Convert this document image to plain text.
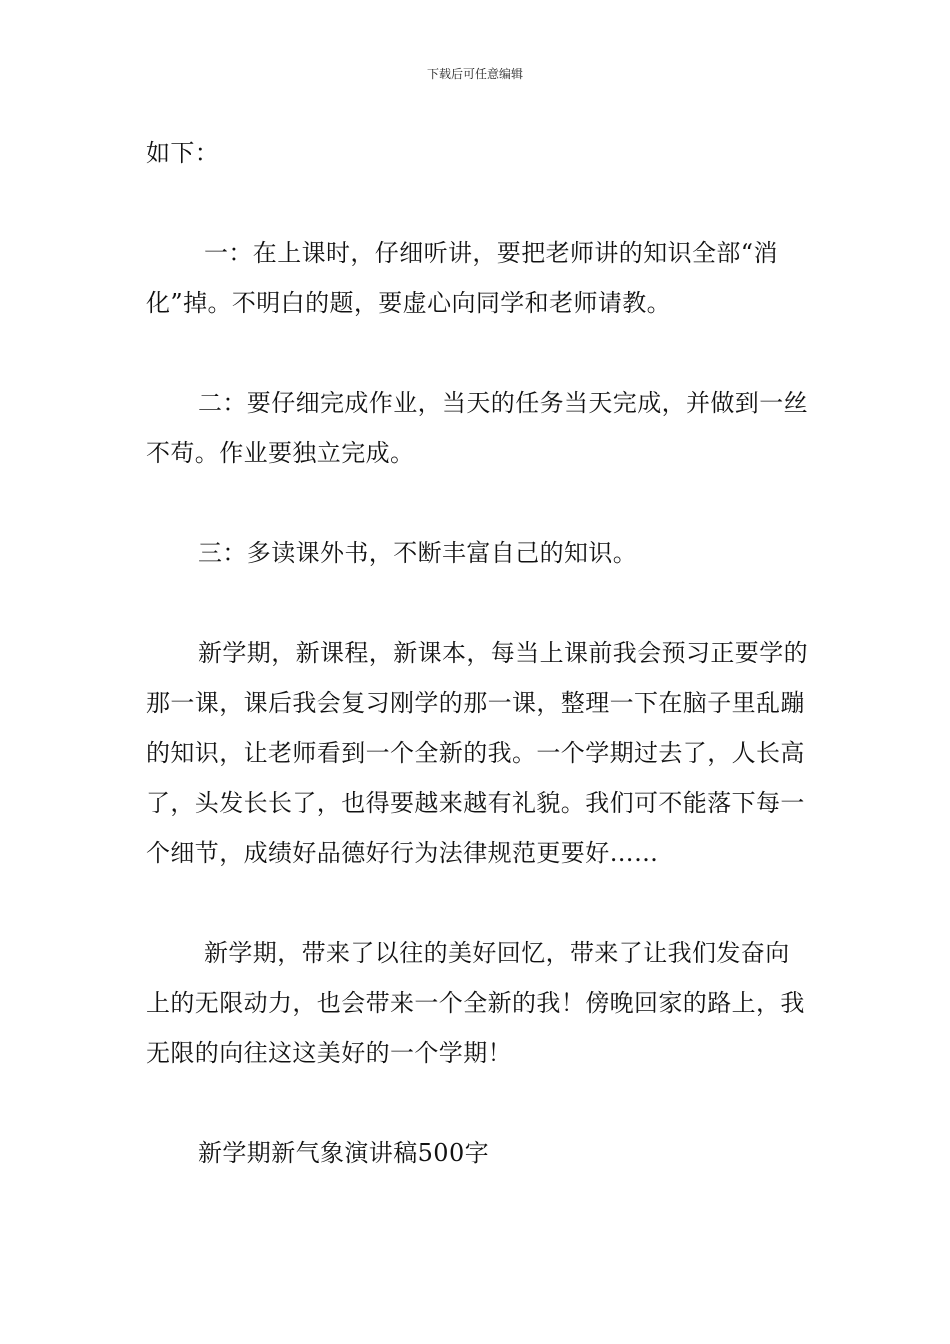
下载后可任意编辑

如下：

一：在上课时，仔细听讲，要把老师讲的知识全部“消化”掉。不明白的题，要虚心向同学和老师请教。

二：要仔细完成作业，当天的任务当天完成，并做到一丝不苟。作业要独立完成。

三：多读课外书，不断丰富自己的知识。

新学期，新课程，新课本，每当上课前我会预习正要学的那一课，课后我会复习刚学的那一课，整理一下在脑子里乱蹦的知识，让老师看到一个全新的我。一个学期过去了，人长高了，头发长长了，也得要越来越有礼貌。我们可不能落下每一个细节，成绩好品德好行为法律规范更要好……

新学期，带来了以往的美好回忆，带来了让我们发奋向上的无限动力，也会带来一个全新的我！傍晚回家的路上，我无限的向往这这美好的一个学期！

新学期新气象演讲稿500字
